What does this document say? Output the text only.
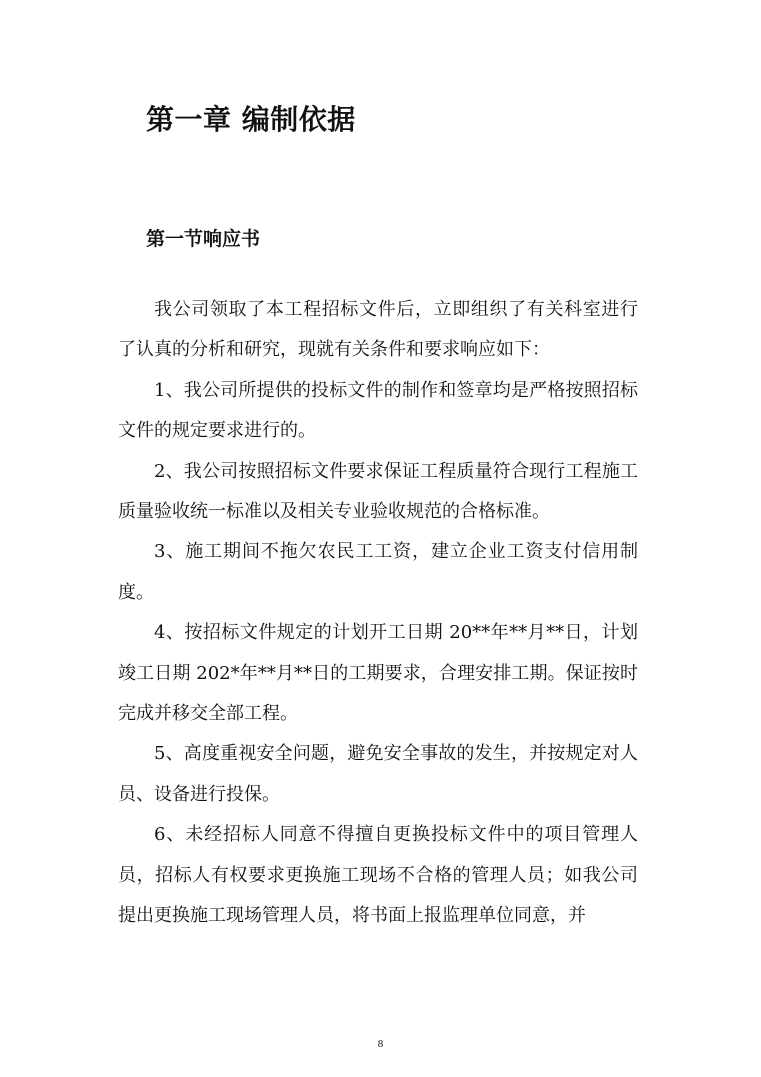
第一章 编制依据
第一节响应书

我公司领取了本工程招标文件后，立即组织了有关科室进行了认真的分析和研究，现就有关条件和要求响应如下：

1、我公司所提供的投标文件的制作和签章均是严格按照招标文件的规定要求进行的。

2、我公司按照招标文件要求保证工程质量符合现行工程施工质量验收统一标准以及相关专业验收规范的合格标准。

3、施工期间不拖欠农民工工资，建立企业工资支付信用制度。

4、按招标文件规定的计划开工日期 20**年**月**日，计划竣工日期 202*年**月**日的工期要求，合理安排工期。保证按时完成并移交全部工程。

5、高度重视安全问题，避免安全事故的发生，并按规定对人员、设备进行投保。

6、未经招标人同意不得擅自更换投标文件中的项目管理人员，招标人有权要求更换施工现场不合格的管理人员；如我公司提出更换施工现场管理人员，将书面上报监理单位同意，并

8
